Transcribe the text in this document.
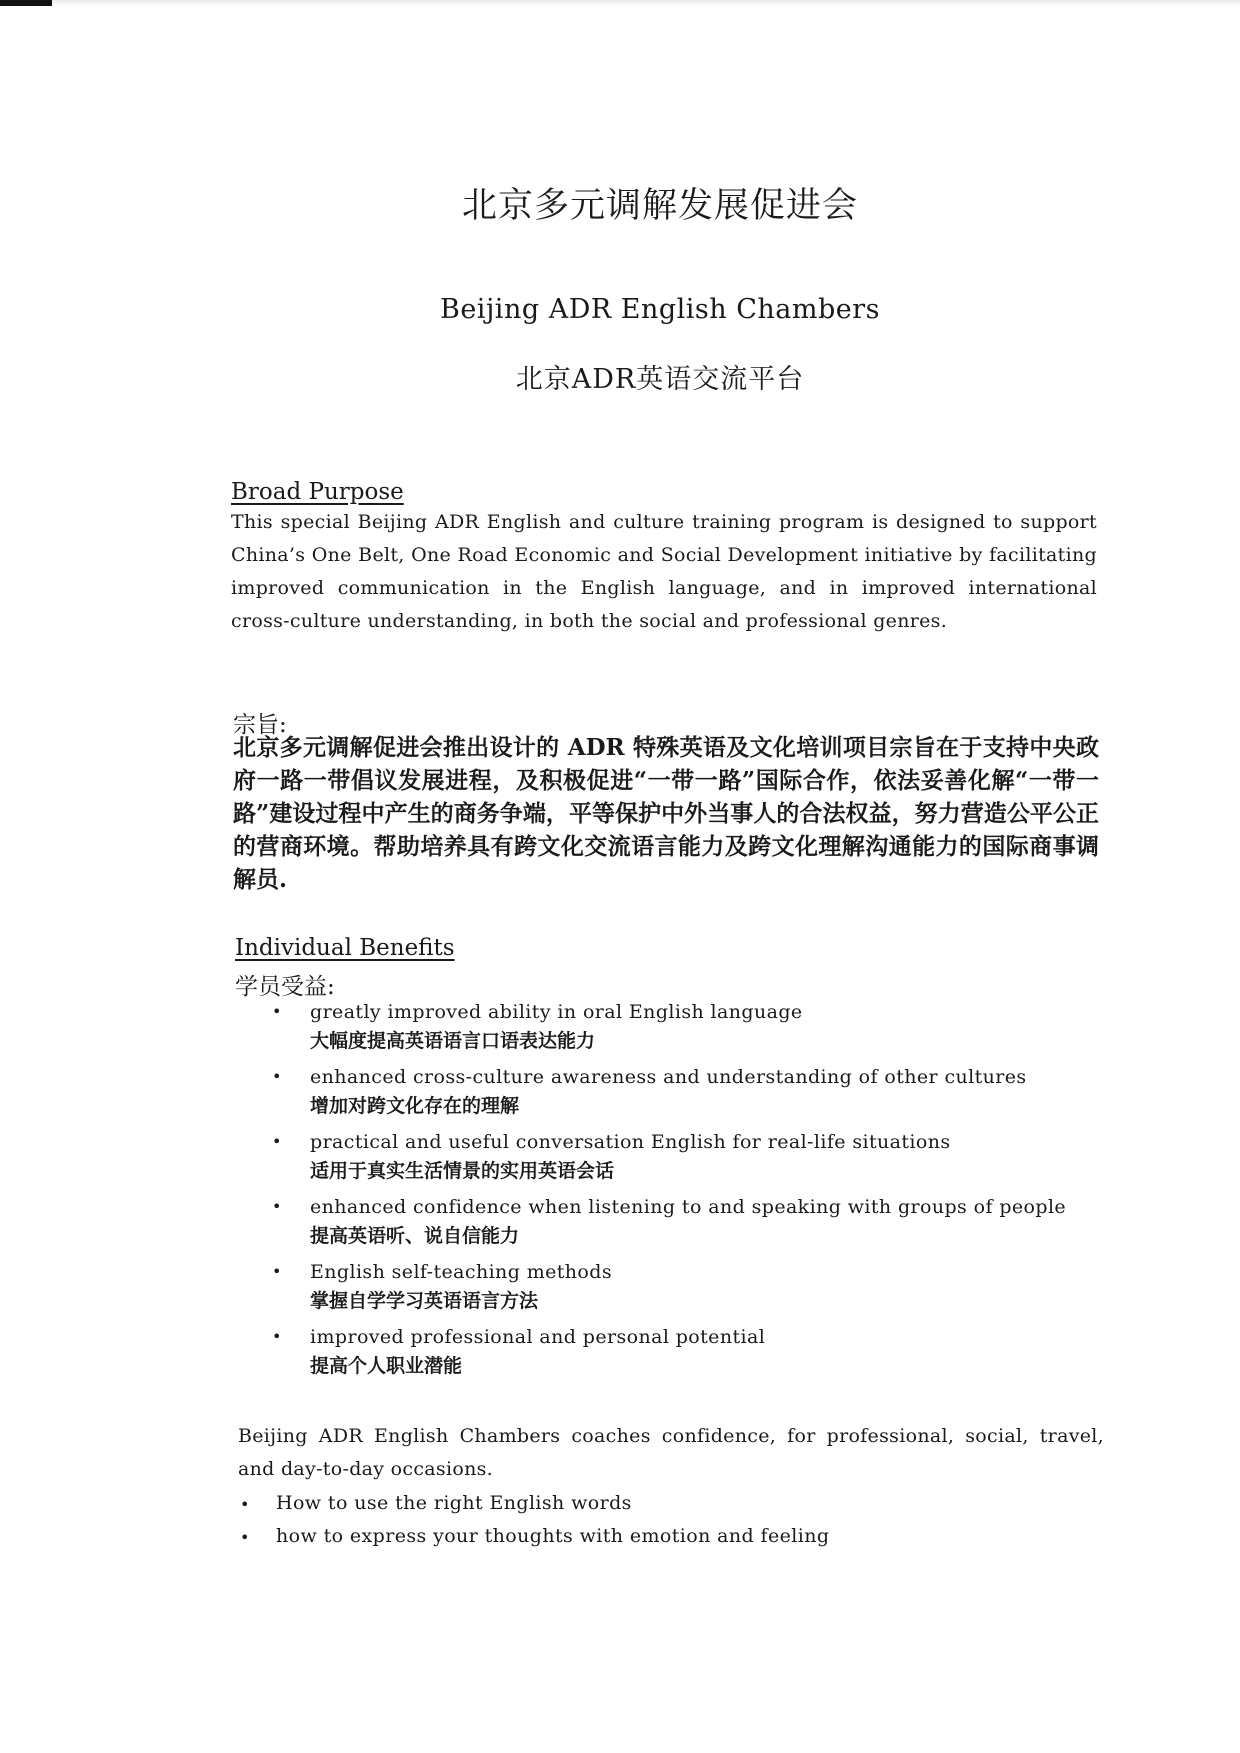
北京多元调解发展促进会
Beijing ADR English Chambers
北京ADR英语交流平台
Broad Purpose

This special Beijing ADR English and culture training program is designed to support China’s One Belt, One Road Economic and Social Development initiative by facilitating improved communication in the English language, and in improved international cross-culture understanding, in both the social and professional genres.

宗旨:

北京多元调解促进会推出设计的 ADR 特殊英语及文化培训项目宗旨在于支持中央政府一路一带倡议发展进程，及积极促进“一带一路”国际合作，依法妥善化解“一带一路”建设过程中产生的商务争端，平等保护中外当事人的合法权益，努力营造公平公正的营商环境。帮助培养具有跨文化交流语言能力及跨文化理解沟通能力的国际商事调解员.

Individual Benefits
学员受益:
• greatly improved ability in oral English language
大幅度提高英语语言口语表达能力
• enhanced cross-culture awareness and understanding of other cultures
增加对跨文化存在的理解
• practical and useful conversation English for real-life situations
适用于真实生活情景的实用英语会话
• enhanced confidence when listening to and speaking with groups of people
提高英语听、说自信能力
• English self-teaching methods
掌握自学学习英语语言方法
• improved professional and personal potential
提高个人职业潜能

Beijing ADR English Chambers coaches confidence, for professional, social, travel, and day-to-day occasions.

• How to use the right English words
• how to express your thoughts with emotion and feeling
